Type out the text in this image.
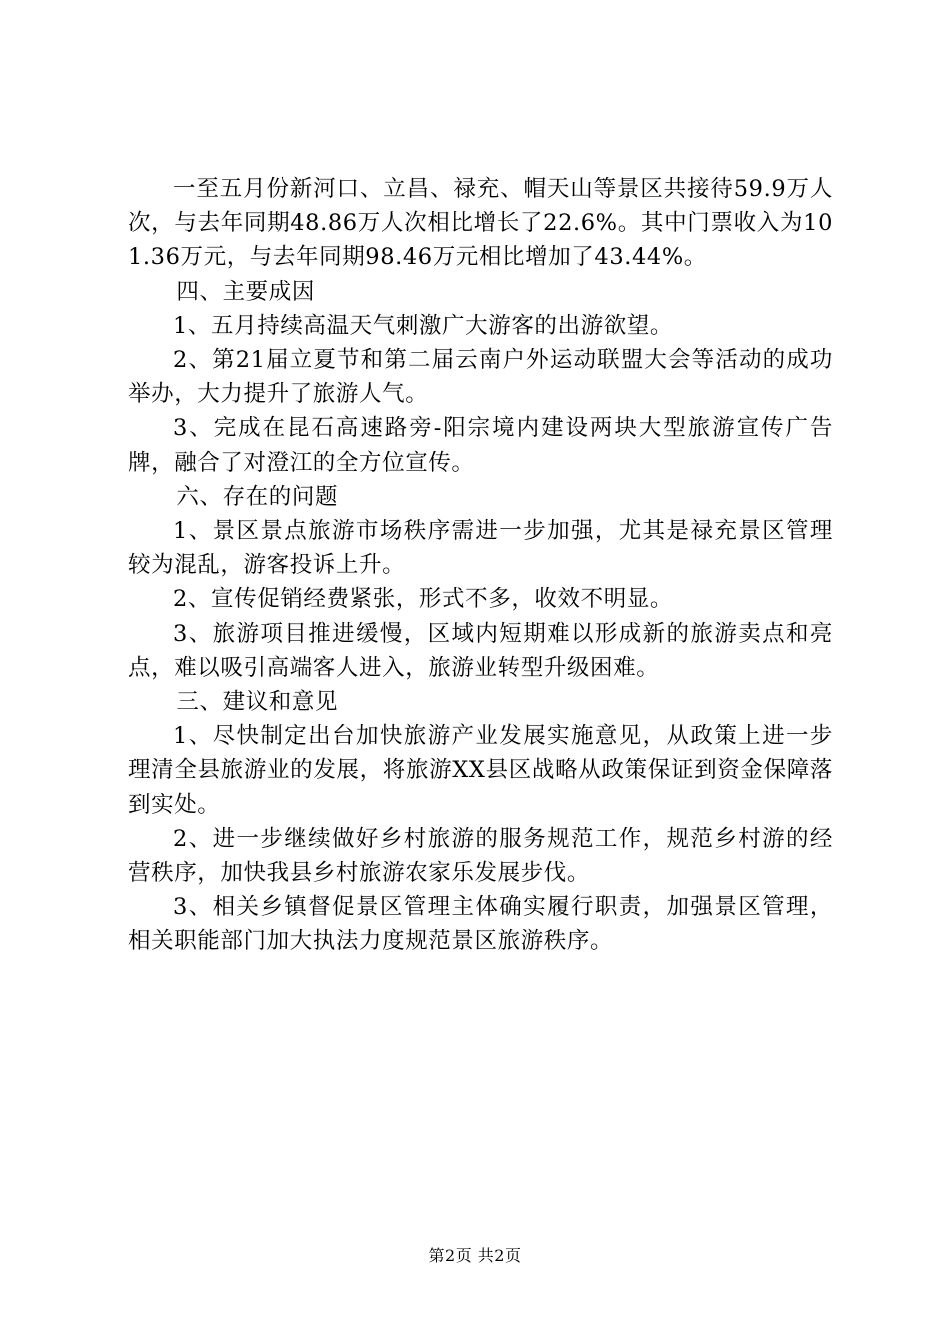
一至五月份新河口、立昌、禄充、帽天山等景区共接待59.9万人次，与去年同期48.86万人次相比增长了22.6%。其中门票收入为101.36万元，与去年同期98.46万元相比增加了43.44%。

四、主要成因

1、五月持续高温天气刺激广大游客的出游欲望。

2、第21届立夏节和第二届云南户外运动联盟大会等活动的成功举办，大力提升了旅游人气。

3、完成在昆石高速路旁-阳宗境内建设两块大型旅游宣传广告牌，融合了对澄江的全方位宣传。

六、存在的问题

1、景区景点旅游市场秩序需进一步加强，尤其是禄充景区管理较为混乱，游客投诉上升。

2、宣传促销经费紧张，形式不多，收效不明显。

3、旅游项目推进缓慢，区域内短期难以形成新的旅游卖点和亮点，难以吸引高端客人进入，旅游业转型升级困难。

三、建议和意见

1、尽快制定出台加快旅游产业发展实施意见，从政策上进一步理清全县旅游业的发展，将旅游XX县区战略从政策保证到资金保障落到实处。

2、进一步继续做好乡村旅游的服务规范工作，规范乡村游的经营秩序，加快我县乡村旅游农家乐发展步伐。

3、相关乡镇督促景区管理主体确实履行职责，加强景区管理，相关职能部门加大执法力度规范景区旅游秩序。

第2页 共2页
